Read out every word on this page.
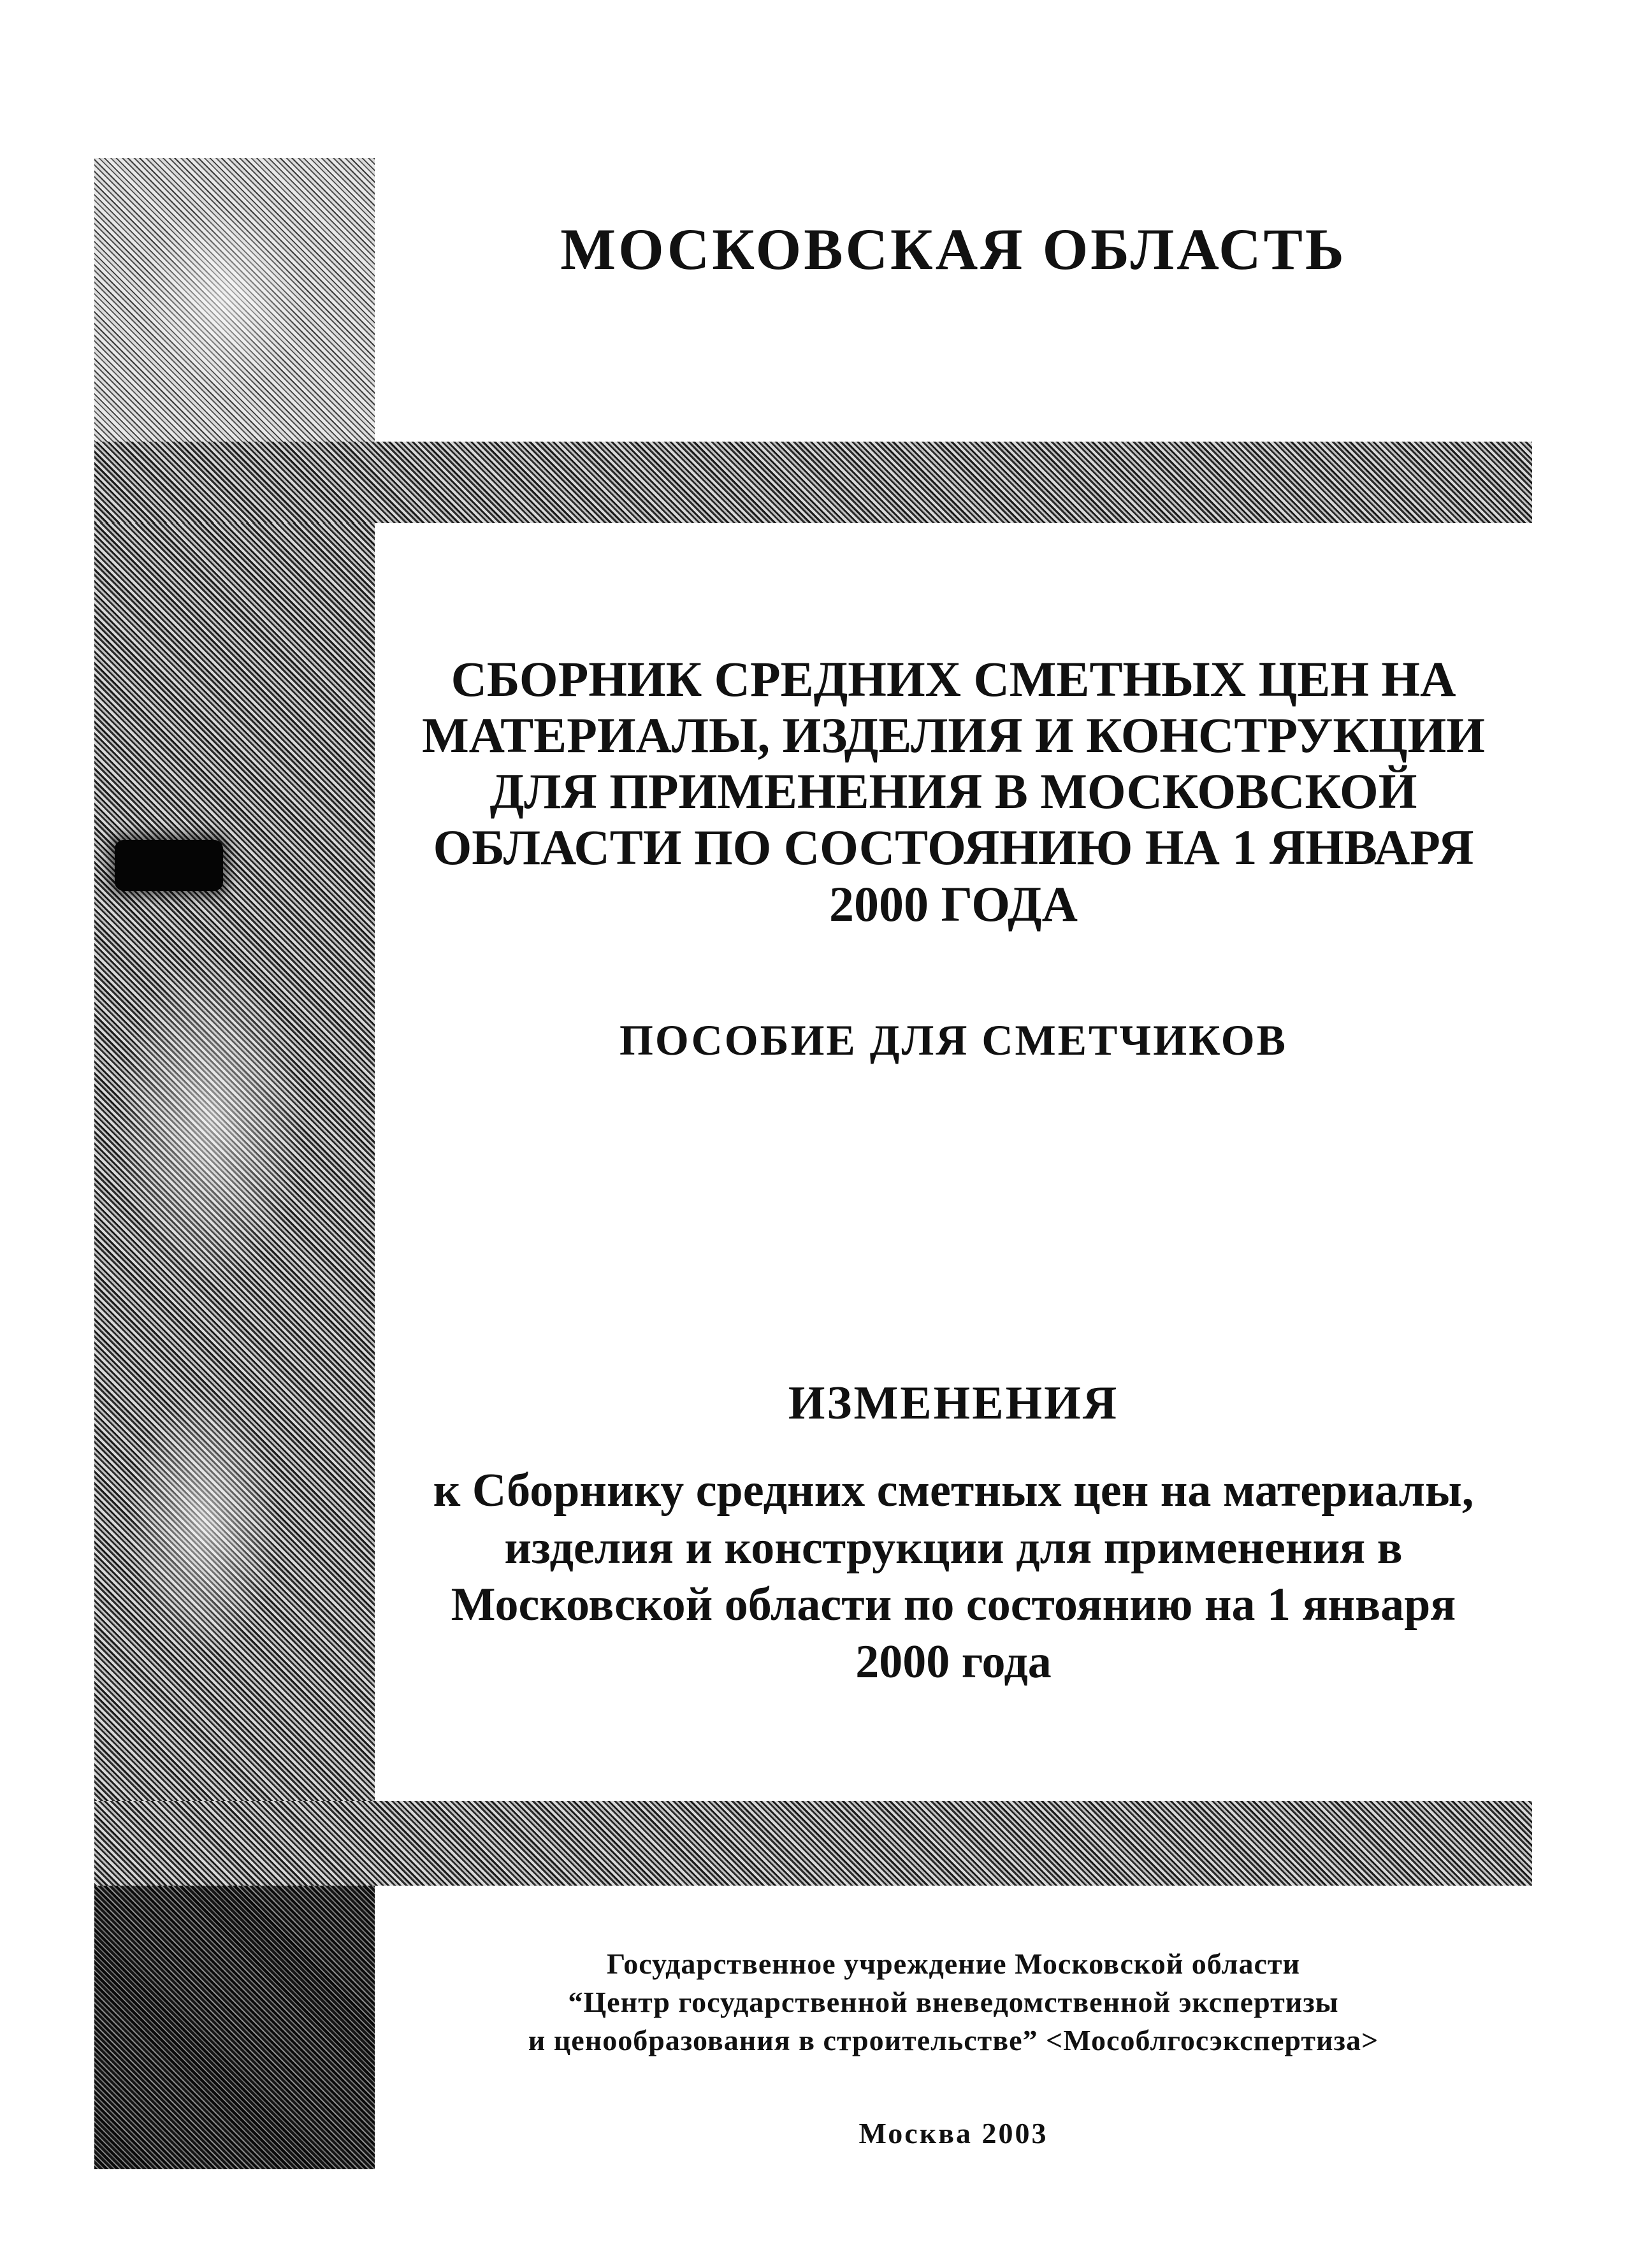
МОСКОВСКАЯ ОБЛАСТЬ
СБОРНИК СРЕДНИХ СМЕТНЫХ ЦЕН НА
МАТЕРИАЛЫ, ИЗДЕЛИЯ И КОНСТРУКЦИИ
ДЛЯ ПРИМЕНЕНИЯ В МОСКОВСКОЙ
ОБЛАСТИ ПО СОСТОЯНИЮ НА 1 ЯНВАРЯ
2000 ГОДА
ПОСОБИЕ ДЛЯ СМЕТЧИКОВ
ИЗМЕНЕНИЯ
к Сборнику средних сметных цен на материалы,
изделия и конструкции для применения в
Московской области по состоянию на 1 января
2000 года
Государственное учреждение Московской области
“Центр государственной вневедомственной экспертизы
и ценообразования в строительстве” <Мособлгосэкспертиза>
Москва 2003
